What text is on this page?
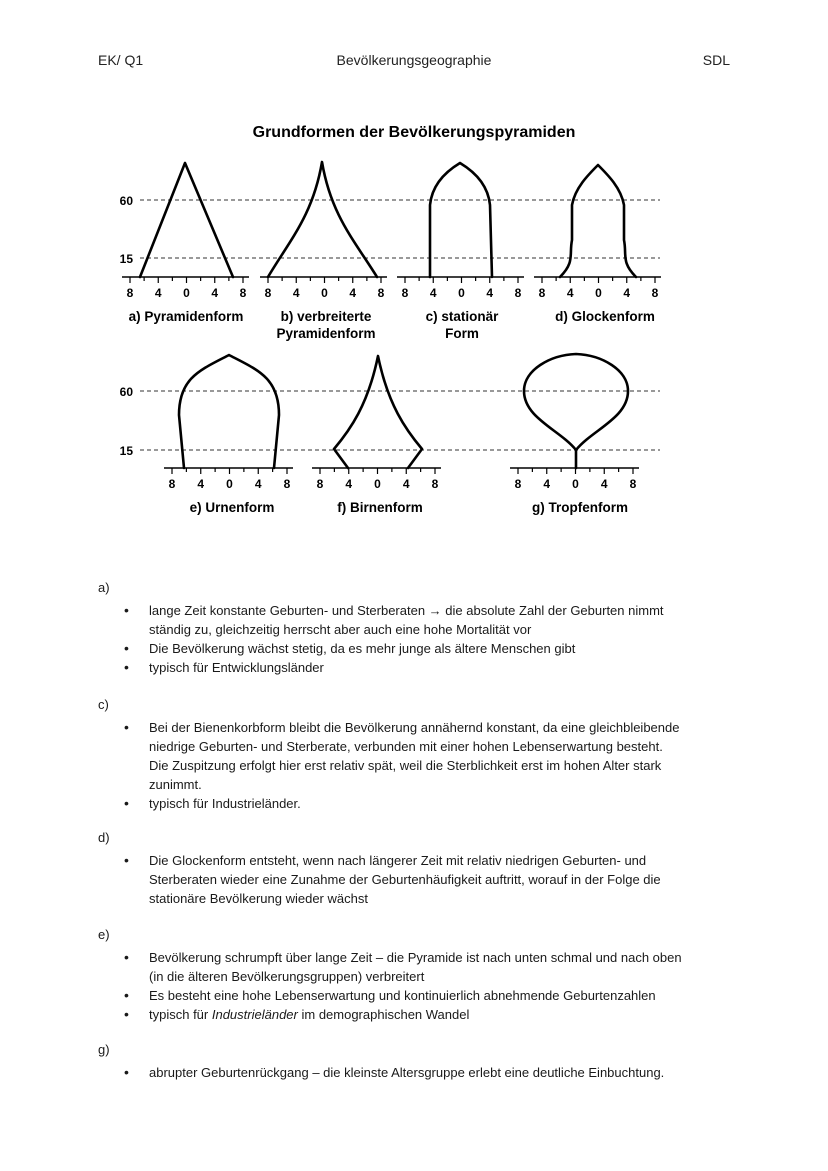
EK/ Q1	Bevölkerungsgeographie	SDL
Grundformen der Bevölkerungspyramiden
60
15
60
15
8 4 0 4 8 8 4 0 4 8 8 4 0 4 8 8 4 0 4 8
8 4 0 4 8 8 4 0 4 8	8 4 0 4 8
a) Pyramidenform	b) verbreiterte
Pyramidenform
c) stationär
Form
d) Glockenform
e) Urnenform	f) Birnenform	g) Tropfenform
a)
• lange Zeit konstante Geburten- und Sterberaten → die absolute Zahl der Geburten nimmt
ständig zu, gleichzeitig herrscht aber auch eine hohe Mortalität vor
• Die Bevölkerung wächst stetig, da es mehr junge als ältere Menschen gibt
• typisch für Entwicklungsländer
c)
• Bei der Bienenkorbform bleibt die Bevölkerung annähernd konstant, da eine gleichbleibende
niedrige Geburten- und Sterberate, verbunden mit einer hohen Lebenserwartung besteht.
Die Zuspitzung erfolgt hier erst relativ spät, weil die Sterblichkeit erst im hohen Alter stark
zunimmt.
• typisch für Industrieländer.
d)
• Die Glockenform entsteht, wenn nach längerer Zeit mit relativ niedrigen Geburten- und
Sterberaten wieder eine Zunahme der Geburtenhäufigkeit auftritt, worauf in der Folge die
stationäre Bevölkerung wieder wächst
e)
• Bevölkerung schrumpft über lange Zeit – die Pyramide ist nach unten schmal und nach oben
(in die älteren Bevölkerungsgruppen) verbreitert
• Es besteht eine hohe Lebenserwartung und kontinuierlich abnehmende Geburtenzahlen
• typisch für Industrieländer im demographischen Wandel
g)
• abrupter Geburtenrückgang – die kleinste Altersgruppe erlebt eine deutliche Einbuchtung.
